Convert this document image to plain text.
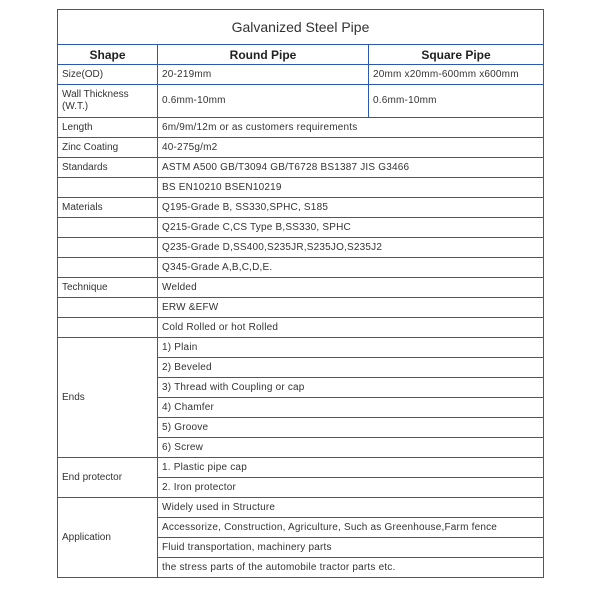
Galvanized Steel Pipe		
Shape	Round Pipe	Square Pipe
Size(OD)	20-219mm	20mm x20mm-600mm x600mm
Wall Thickness (W.T.)	0.6mm-10mm	0.6mm-10mm
Length	6m/9m/12m or as customers requirements	
Zinc Coating	40-275g/m2	
Standards	ASTM A500 GB/T3094 GB/T6728 BS1387 JIS G3466	
	BS EN10210 BSEN10219	
Materials	Q195-Grade B, SS330,SPHC, S185	
	Q215-Grade C,CS Type B,SS330, SPHC	
	Q235-Grade D,SS400,S235JR,S235JO,S235J2	
	Q345-Grade A,B,C,D,E.	
Technique	Welded	
	ERW &EFW	
	Cold Rolled or hot Rolled	
Ends	1) Plain	
	2) Beveled	
	3) Thread with Coupling or cap	
	4) Chamfer	
	5) Groove	
	6) Screw	
End protector	1. Plastic pipe cap	
	2. Iron protector	
Application	Widely used in Structure	
	Accessorize, Construction, Agriculture, Such as Greenhouse,Farm fence	
	Fluid transportation, machinery parts	
	the stress parts of the automobile tractor parts etc.	
